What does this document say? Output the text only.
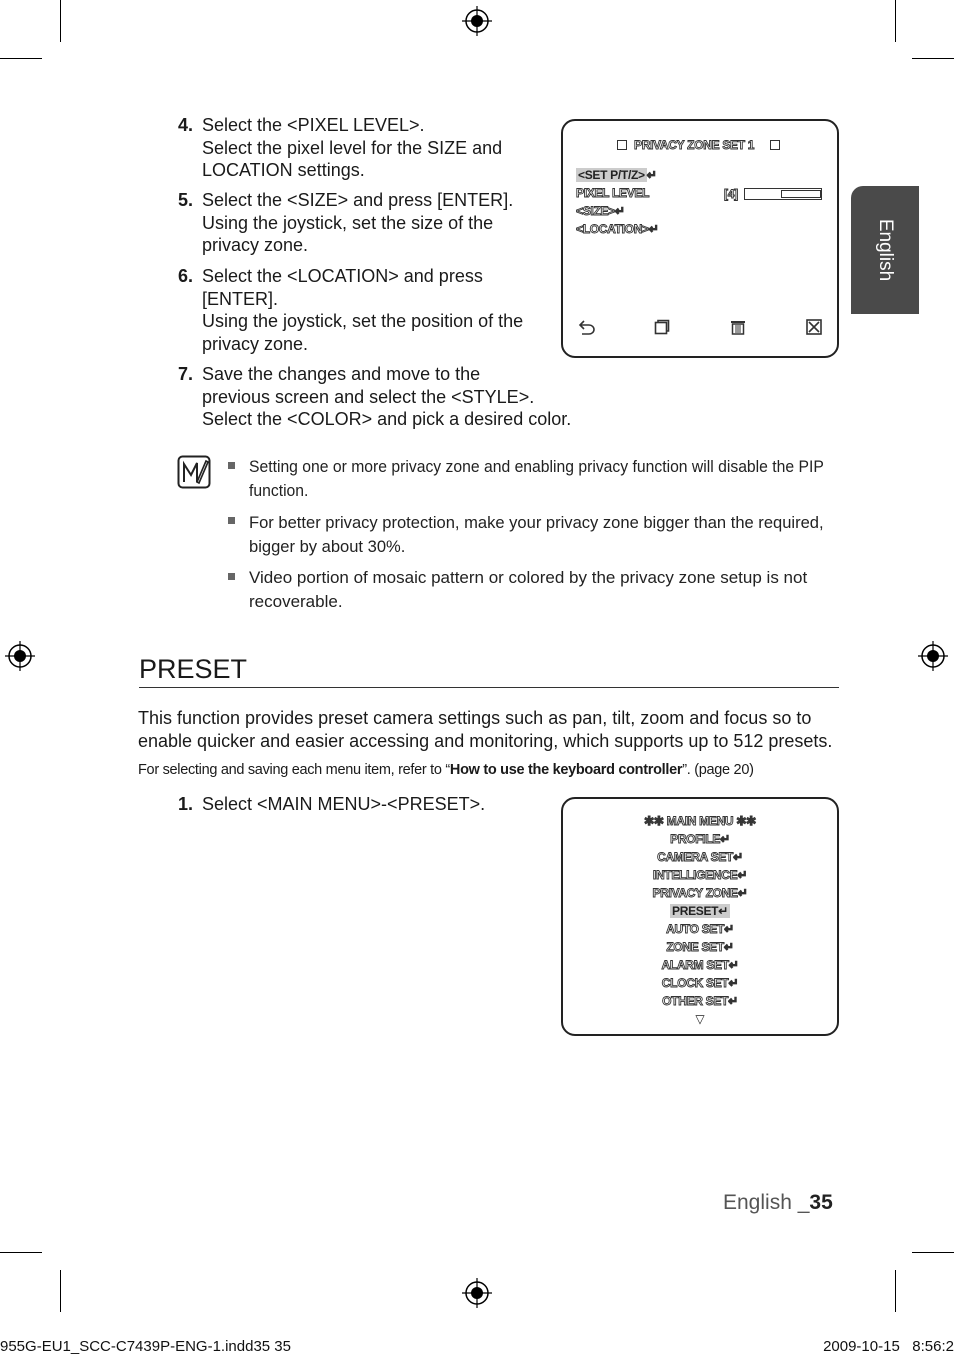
English
4. Select the <PIXEL LEVEL>.
Select the pixel level for the SIZE and
LOCATION settings.
5. Select the <SIZE> and press [ENTER].
Using the joystick, set the size of the
privacy zone.
6. Select the <LOCATION> and press
[ENTER].
Using the joystick, set the position of the
privacy zone.
7. Save the changes and move to the
previous screen and select the <STYLE>.
Select the <COLOR> and pick a desired color.
PRIVACY ZONE SET 1
<SET P/T/Z> ↵
PIXEL LEVEL	[4]
<SIZE>↵
<LOCATION>↵
Setting one or more privacy zone and enabling privacy function will disable the PIP
function.
For better privacy protection, make your privacy zone bigger than the required,
bigger by about 30%.
Video portion of mosaic pattern or colored by the privacy zone setup is not
recoverable.
PRESET
This function provides preset camera settings such as pan, tilt, zoom and focus so to
enable quicker and easier accessing and monitoring, which supports up to 512 presets.
For selecting and saving each menu item, refer to “How to use the keyboard controller”. (page 20)
1. Select <MAIN MENU>-<PRESET>.
✲✲ MAIN MENU ✲✲
PROFILE↵
CAMERA SET↵
INTELLIGENCE↵
PRIVACY ZONE↵
PRESET↵
AUTO SET↵
ZONE SET↵
ALARM SET↵
CLOCK SET↵
OTHER SET↵
▽
English _35
955G-EU1_SCC-C7439P-ENG-1.indd35 35	2009-10-15   8:56:2
